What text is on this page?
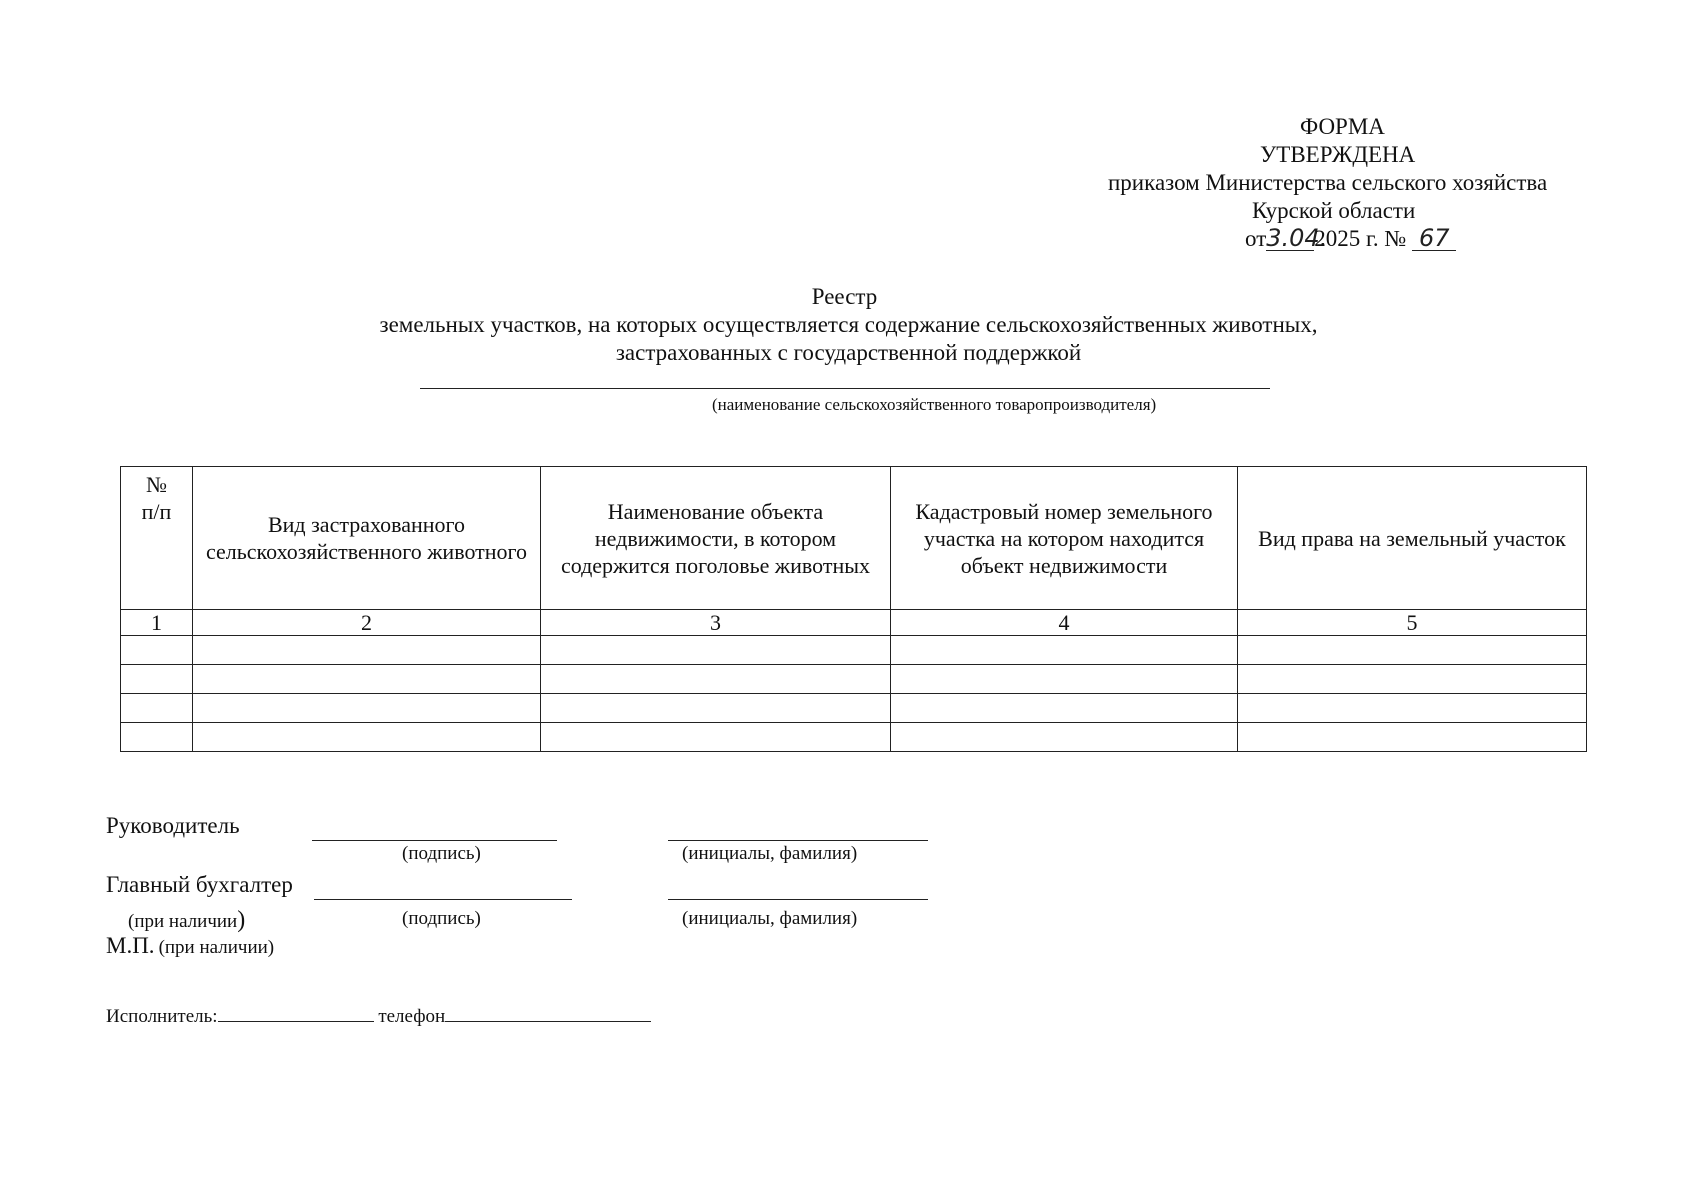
ФОРМА
УТВЕРЖДЕНА
приказом Министерства сельского хозяйства
Курской области
от3.04.2025 г. № 67
Реестр
земельных участков, на которых осуществляется содержание сельскохозяйственных животных,
застрахованных с государственной поддержкой
(наименование сельскохозяйственного товаропроизводителя)
№
п/п	Вид застрахованного сельскохозяйственного животного	Наименование объекта недвижимости, в котором содержится поголовье животных	Кадастровый номер земельного участка на котором находится объект недвижимости	Вид права на земельный участок
1	2	3	4	5

Руководитель
(подпись)	(инициалы, фамилия)
Главный бухгалтер
(при наличии)	(подпись)	(инициалы, фамилия)
М.П. (при наличии)
Исполнитель:	телефон
